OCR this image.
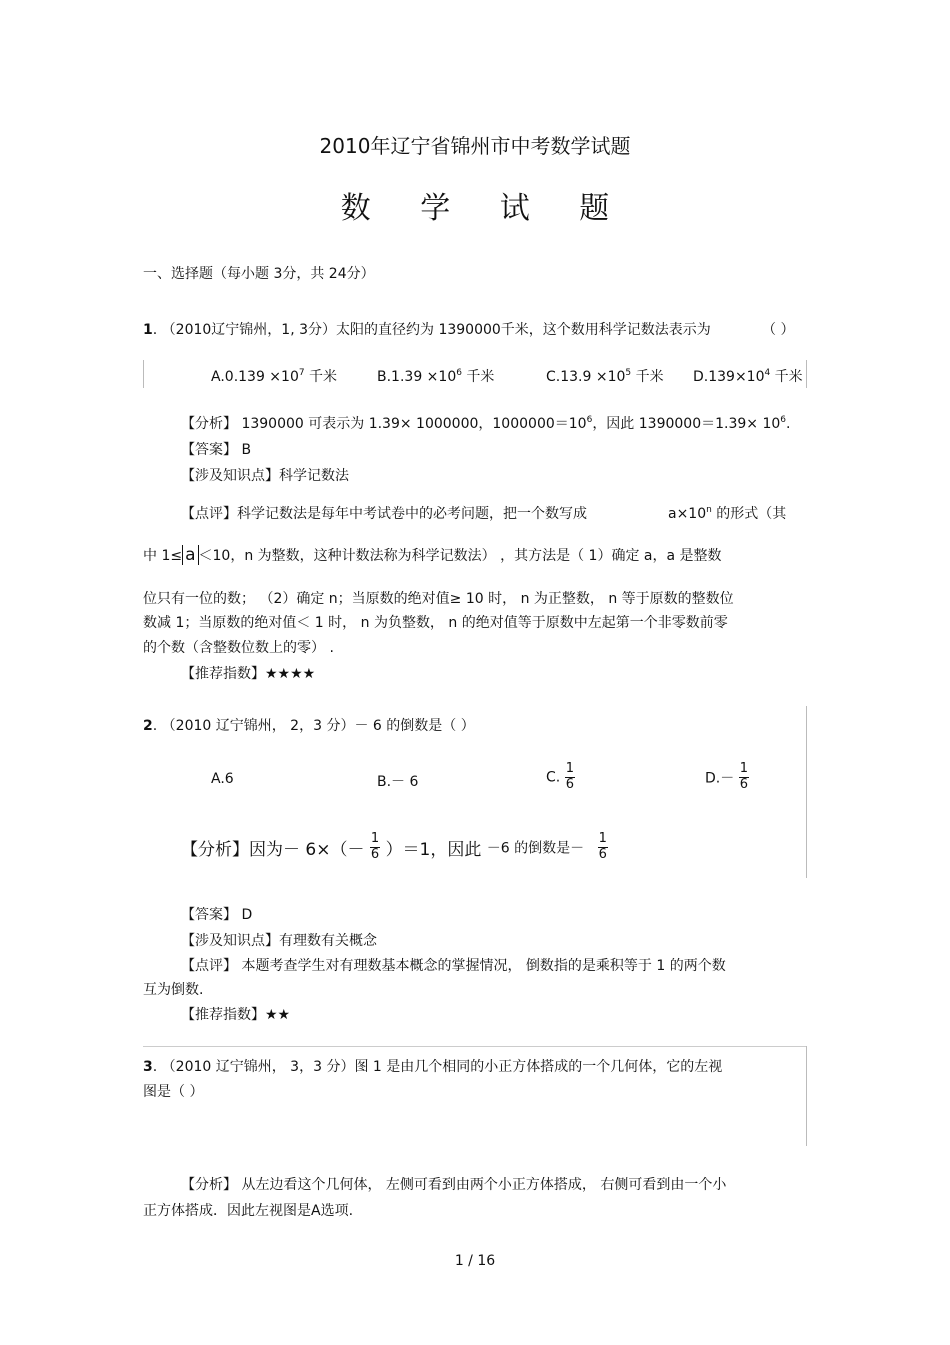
2010年辽宁省锦州市中考数学试题
数 学 试 题
一、选择题（每小题 3分，共 24分）
1. （2010辽宁锦州，1, 3分）太阳的直径约为 1390000千米，这个数用科学记数法表示为	（ ）
$A.0.139 \times 10^7$ 千米	$B.1.39 \times 10^6$ 千米	$C.13.9 \times 10^5$ 千米 $D.139\times 10^4$ 千米
【分析】 1390000 可表示为 1.39× 1000000，$1000000=10^6$，因此 $1390000=1.39\times 10^6$.
【答案】 B
【涉及知识点】科学记数法
【点评】科学记数法是每年中考试卷中的必考问题，把一个数写成	$a\times 10^n$ 的形式（其
中 1≤ a ＜10，n 为整数，这种计数法称为科学记数法） ，其方法是（ 1）确定 a，a 是整数
位只有一位的数； （2）确定 n；当原数的绝对值≥ 10 时， n 为正整数， n 等于原数的整数位
数减 1；当原数的绝对值＜ 1 时， n 为负整数， n 的绝对值等于原数中左起第一个非零数前零
的个数（含整数位数上的零） .
【推荐指数】★★★★
2. （2010 辽宁锦州， 2，3 分）－ 6 的倒数是（ ）
A.6	B.－ 6	C. $\frac{1}{6}$	$D.- \frac{1}{6}$
【分析】因为－ $6\times(- \frac{1}{6} )=1$，因此 －6 的倒数是－ $\frac{1}{6}$
【答案】 D
【涉及知识点】有理数有关概念
【点评】 本题考查学生对有理数基本概念的掌握情况， 倒数指的是乘积等于 1 的两个数
互为倒数.
【推荐指数】★★
3. （2010 辽宁锦州， 3，3 分）图 1 是由几个相同的小正方体搭成的一个几何体，它的左视
图是（ ）
【分析】 从左边看这个几何体， 左侧可看到由两个小正方体搭成， 右侧可看到由一个小
正方体搭成．因此左视图是A选项.
1 / 16
